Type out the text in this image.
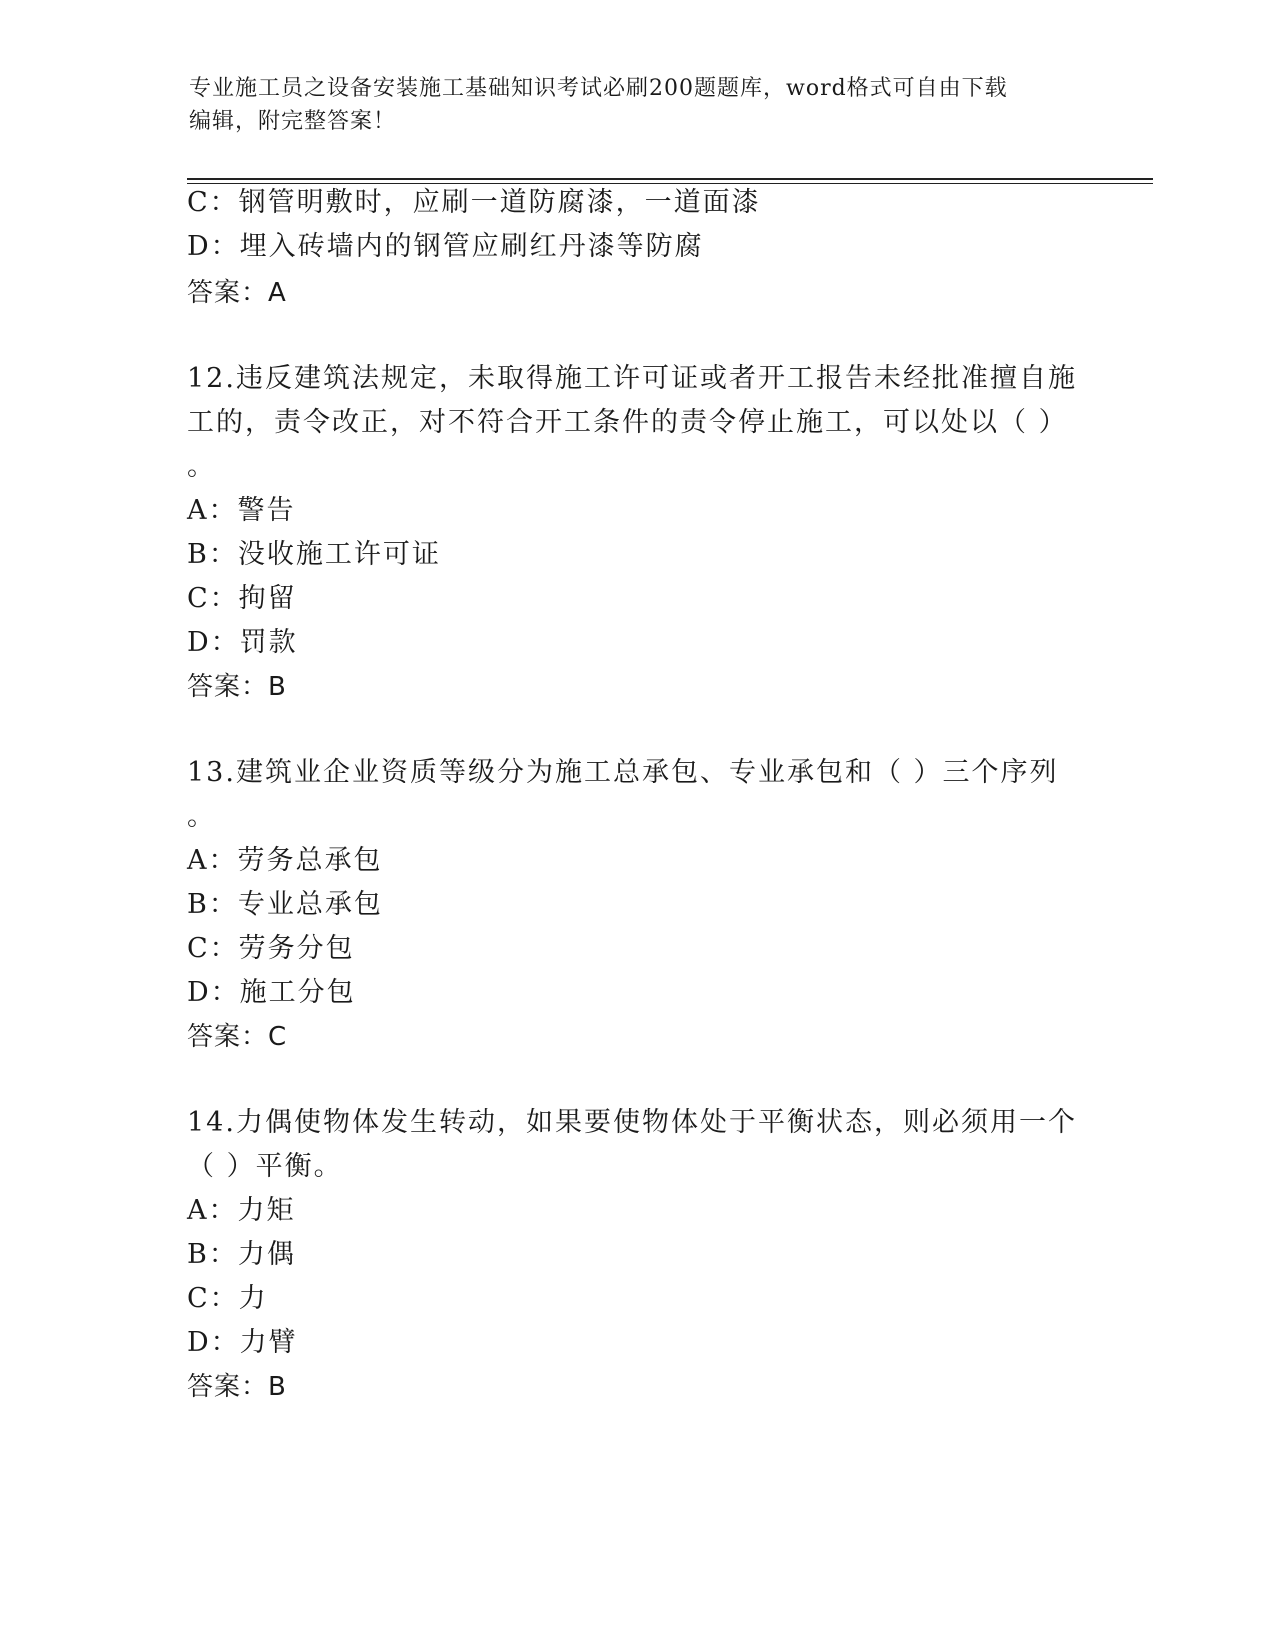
专业施工员之设备安装施工基础知识考试必刷200题题库，word格式可自由下载
编辑，附完整答案！
C：钢管明敷时，应刷一道防腐漆，一道面漆
D：埋入砖墙内的钢管应刷红丹漆等防腐
答案：A
12.违反建筑法规定，未取得施工许可证或者开工报告未经批准擅自施
工的，责令改正，对不符合开工条件的责令停止施工，可以处以（ ）
。
A：警告
B：没收施工许可证
C：拘留
D：罚款
答案：B
13.建筑业企业资质等级分为施工总承包、专业承包和（ ）三个序列
。
A：劳务总承包
B：专业总承包
C：劳务分包
D：施工分包
答案：C
14.力偶使物体发生转动，如果要使物体处于平衡状态，则必须用一个
（ ）平衡。
A：力矩
B：力偶
C：力
D：力臂
答案：B
